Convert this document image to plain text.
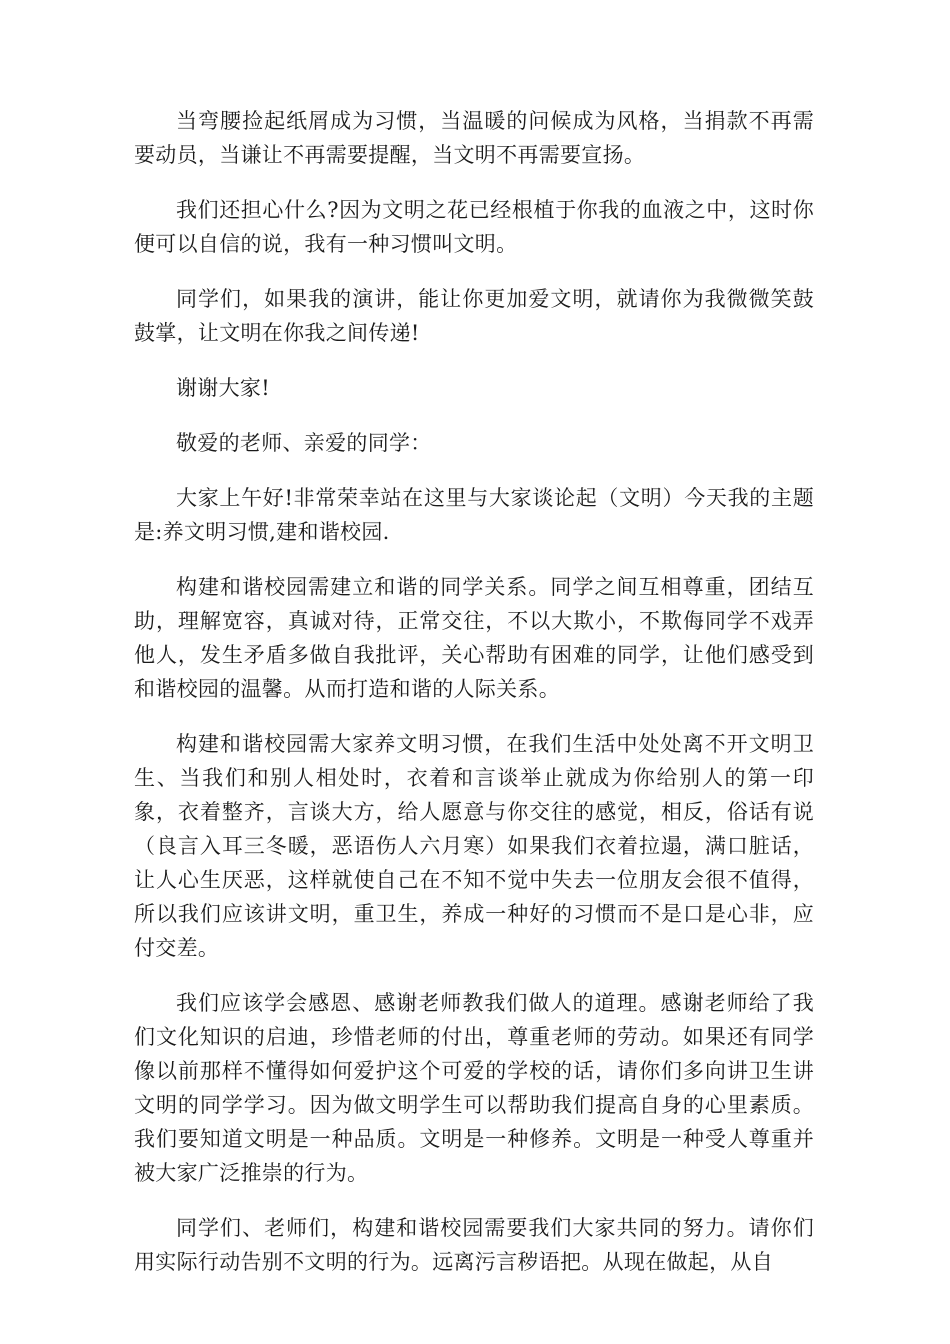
当弯腰捡起纸屑成为习惯，当温暖的问候成为风格，当捐款不再需要动员，当谦让不再需要提醒，当文明不再需要宣扬。

我们还担心什么?因为文明之花已经根植于你我的血液之中，这时你便可以自信的说，我有一种习惯叫文明。

同学们，如果我的演讲，能让你更加爱文明，就请你为我微微笑鼓鼓掌，让文明在你我之间传递!

谢谢大家!

敬爱的老师、亲爱的同学：

大家上午好!非常荣幸站在这里与大家谈论起（文明）今天我的主题是:养文明习惯,建和谐校园.

构建和谐校园需建立和谐的同学关系。同学之间互相尊重，团结互助，理解宽容，真诚对待，正常交往，不以大欺小，不欺侮同学不戏弄他人，发生矛盾多做自我批评，关心帮助有困难的同学，让他们感受到和谐校园的温馨。从而打造和谐的人际关系。

构建和谐校园需大家养文明习惯，在我们生活中处处离不开文明卫生、当我们和别人相处时，衣着和言谈举止就成为你给别人的第一印象，衣着整齐，言谈大方，给人愿意与你交往的感觉，相反，俗话有说（良言入耳三冬暖，恶语伤人六月寒）如果我们衣着拉遢，满口脏话，让人心生厌恶，这样就使自己在不知不觉中失去一位朋友会很不值得，所以我们应该讲文明，重卫生，养成一种好的习惯而不是口是心非，应付交差。

我们应该学会感恩、感谢老师教我们做人的道理。感谢老师给了我们文化知识的启迪，珍惜老师的付出，尊重老师的劳动。如果还有同学像以前那样不懂得如何爱护这个可爱的学校的话，请你们多向讲卫生讲文明的同学学习。因为做文明学生可以帮助我们提高自身的心里素质。我们要知道文明是一种品质。文明是一种修养。文明是一种受人尊重并被大家广泛推崇的行为。

同学们、老师们，构建和谐校园需要我们大家共同的努力。请你们用实际行动告别不文明的行为。远离污言秽语把。从现在做起，从自
